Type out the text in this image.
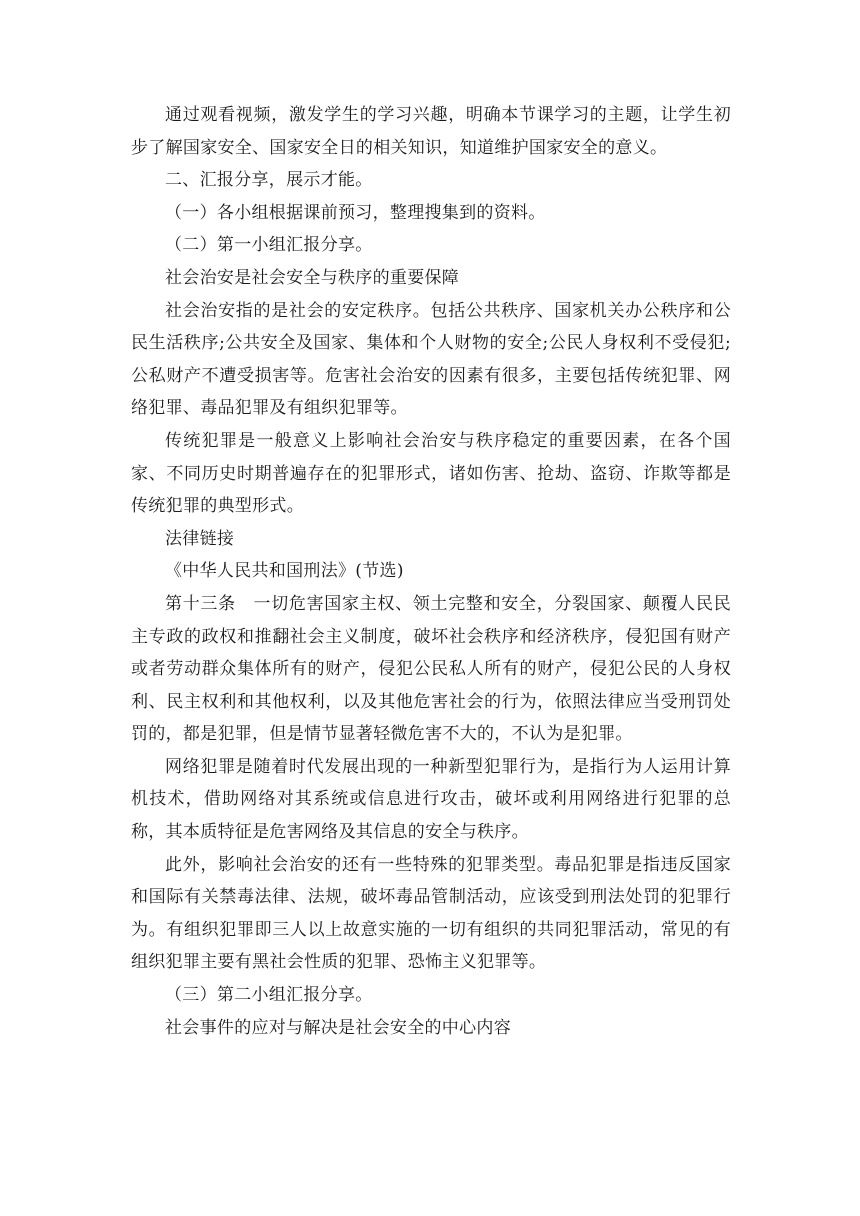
通过观看视频，激发学生的学习兴趣，明确本节课学习的主题，让学生初步了解国家安全、国家安全日的相关知识，知道维护国家安全的意义。

二、汇报分享，展示才能。

（一）各小组根据课前预习，整理搜集到的资料。

（二）第一小组汇报分享。

社会治安是社会安全与秩序的重要保障

社会治安指的是社会的安定秩序。包括公共秩序、国家机关办公秩序和公民生活秩序;公共安全及国家、集体和个人财物的安全;公民人身权利不受侵犯;公私财产不遭受损害等。危害社会治安的因素有很多，主要包括传统犯罪、网络犯罪、毒品犯罪及有组织犯罪等。

传统犯罪是一般意义上影响社会治安与秩序稳定的重要因素，在各个国家、不同历史时期普遍存在的犯罪形式，诸如伤害、抢劫、盗窃、诈欺等都是传统犯罪的典型形式。

法律链接

《中华人民共和国刑法》(节选)

第十三条　一切危害国家主权、领土完整和安全，分裂国家、颠覆人民民主专政的政权和推翻社会主义制度，破坏社会秩序和经济秩序，侵犯国有财产或者劳动群众集体所有的财产，侵犯公民私人所有的财产，侵犯公民的人身权利、民主权利和其他权利，以及其他危害社会的行为，依照法律应当受刑罚处罚的，都是犯罪，但是情节显著轻微危害不大的，不认为是犯罪。

网络犯罪是随着时代发展出现的一种新型犯罪行为，是指行为人运用计算机技术，借助网络对其系统或信息进行攻击，破坏或利用网络进行犯罪的总称，其本质特征是危害网络及其信息的安全与秩序。

此外，影响社会治安的还有一些特殊的犯罪类型。毒品犯罪是指违反国家和国际有关禁毒法律、法规，破坏毒品管制活动，应该受到刑法处罚的犯罪行为。有组织犯罪即三人以上故意实施的一切有组织的共同犯罪活动，常见的有组织犯罪主要有黑社会性质的犯罪、恐怖主义犯罪等。

（三）第二小组汇报分享。

社会事件的应对与解决是社会安全的中心内容
